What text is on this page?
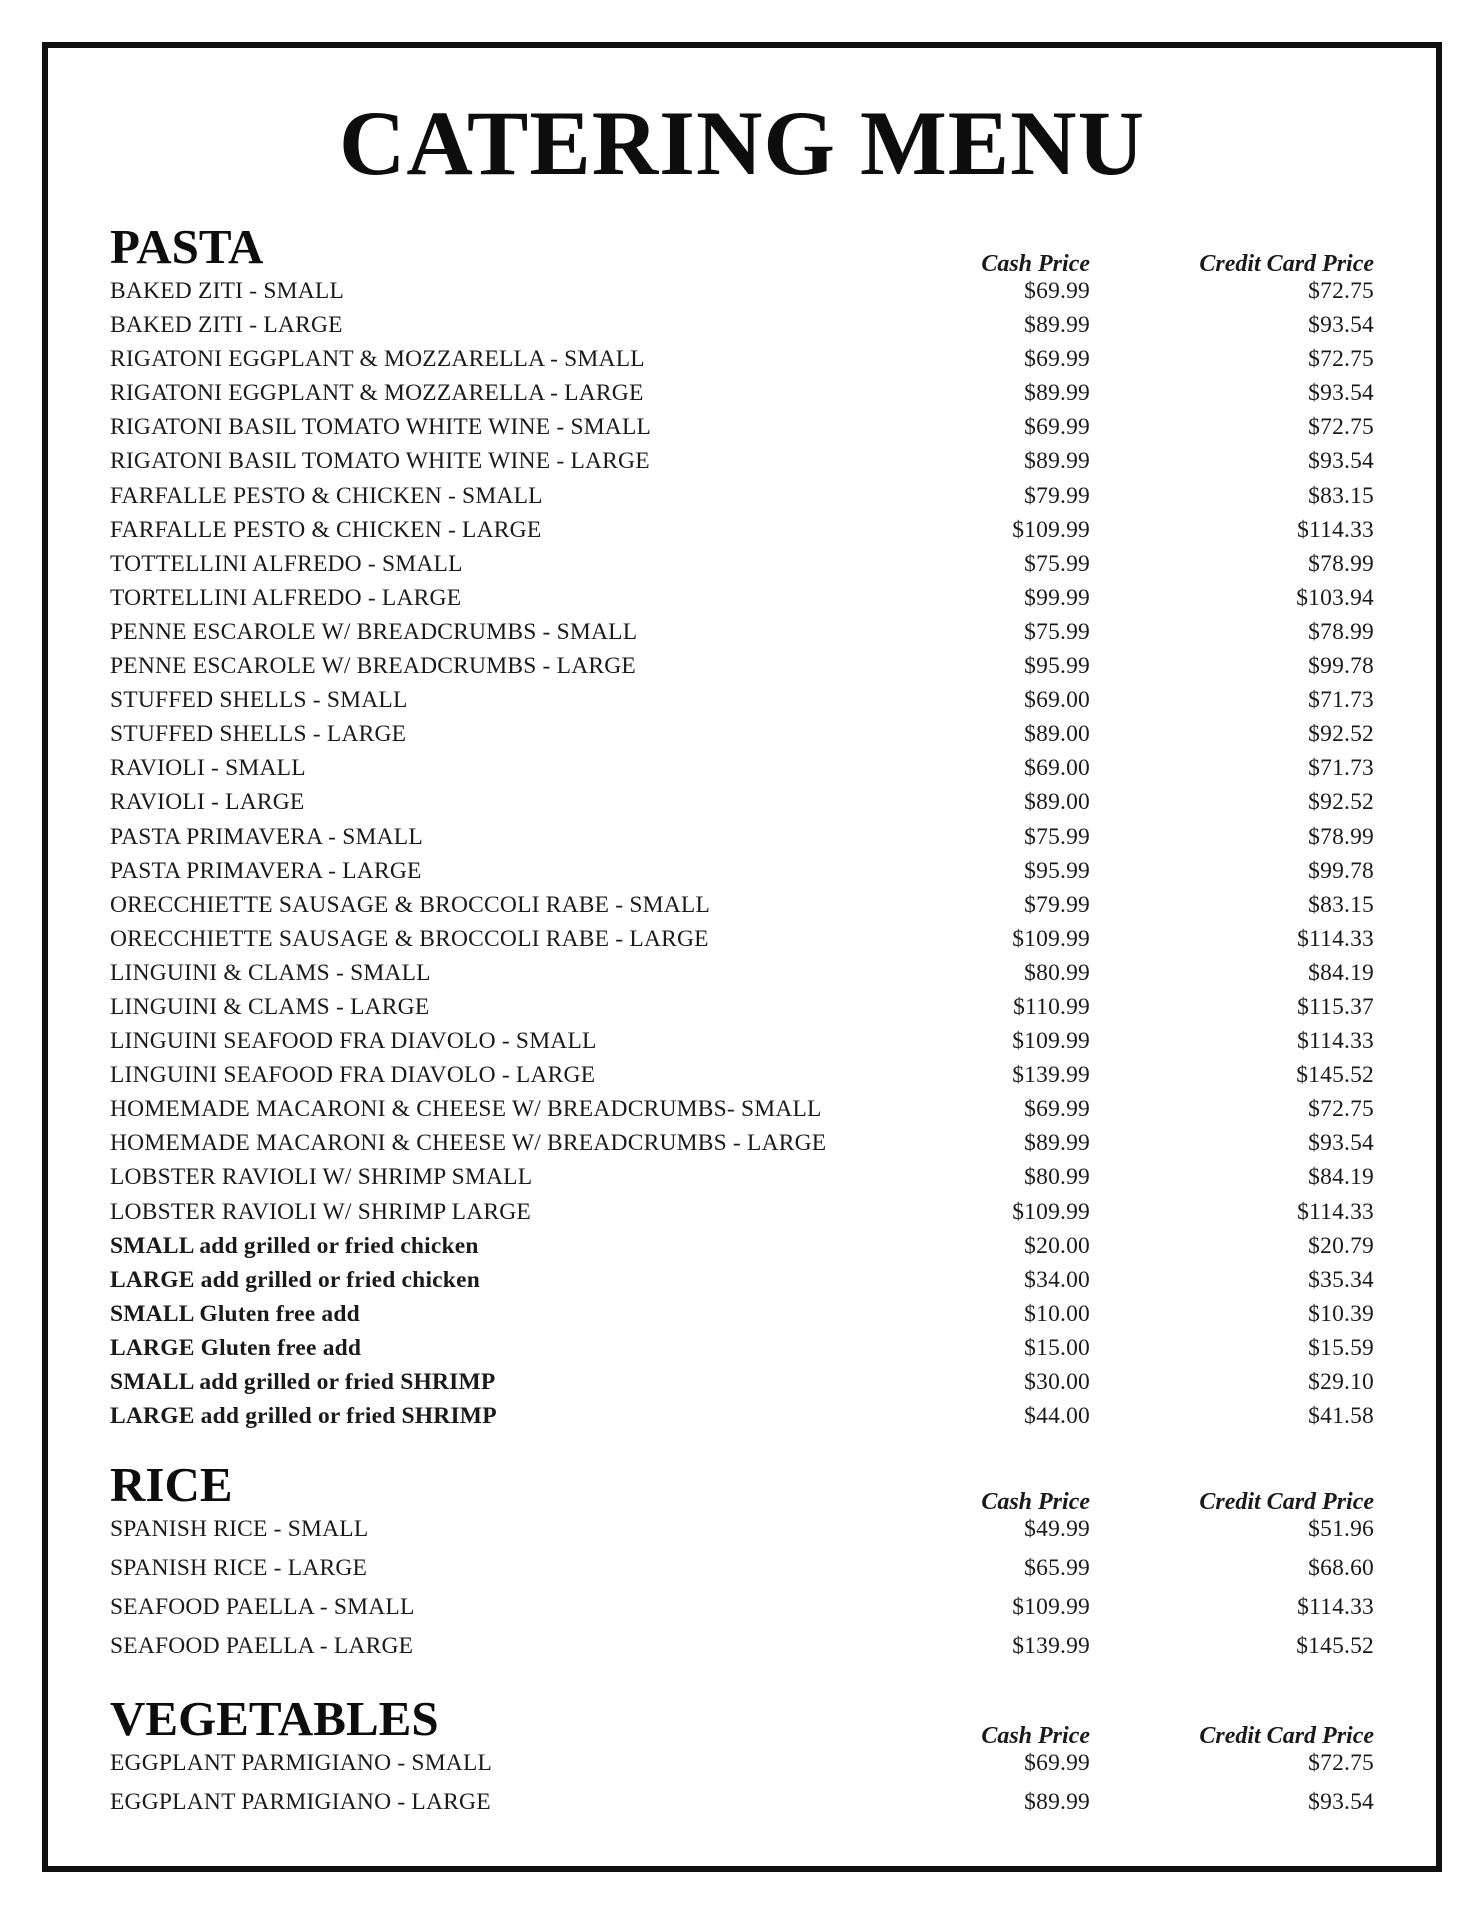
CATERING MENU
PASTA	Cash Price	Credit Card Price
BAKED ZITI - SMALL	$69.99	$72.75
BAKED ZITI - LARGE	$89.99	$93.54
RIGATONI EGGPLANT & MOZZARELLA - SMALL	$69.99	$72.75
RIGATONI EGGPLANT & MOZZARELLA - LARGE	$89.99	$93.54
RIGATONI BASIL TOMATO WHITE WINE - SMALL	$69.99	$72.75
RIGATONI BASIL TOMATO WHITE WINE - LARGE	$89.99	$93.54
FARFALLE PESTO & CHICKEN - SMALL	$79.99	$83.15
FARFALLE PESTO & CHICKEN - LARGE	$109.99	$114.33
TOTTELLINI ALFREDO - SMALL	$75.99	$78.99
TORTELLINI ALFREDO - LARGE	$99.99	$103.94
PENNE ESCAROLE W/ BREADCRUMBS - SMALL	$75.99	$78.99
PENNE ESCAROLE W/ BREADCRUMBS - LARGE	$95.99	$99.78
STUFFED SHELLS - SMALL	$69.00	$71.73
STUFFED SHELLS - LARGE	$89.00	$92.52
RAVIOLI - SMALL	$69.00	$71.73
RAVIOLI - LARGE	$89.00	$92.52
PASTA PRIMAVERA - SMALL	$75.99	$78.99
PASTA PRIMAVERA - LARGE	$95.99	$99.78
ORECCHIETTE SAUSAGE & BROCCOLI RABE - SMALL	$79.99	$83.15
ORECCHIETTE SAUSAGE & BROCCOLI RABE - LARGE	$109.99	$114.33
LINGUINI & CLAMS - SMALL	$80.99	$84.19
LINGUINI & CLAMS - LARGE	$110.99	$115.37
LINGUINI SEAFOOD FRA DIAVOLO - SMALL	$109.99	$114.33
LINGUINI SEAFOOD FRA DIAVOLO - LARGE	$139.99	$145.52
HOMEMADE MACARONI & CHEESE W/ BREADCRUMBS- SMALL	$69.99	$72.75
HOMEMADE MACARONI & CHEESE W/ BREADCRUMBS - LARGE	$89.99	$93.54
LOBSTER RAVIOLI W/ SHRIMP SMALL	$80.99	$84.19
LOBSTER RAVIOLI W/ SHRIMP LARGE	$109.99	$114.33
SMALL add grilled or fried chicken	$20.00	$20.79
LARGE add grilled or fried chicken	$34.00	$35.34
SMALL Gluten free add	$10.00	$10.39
LARGE Gluten free add	$15.00	$15.59
SMALL add grilled or fried SHRIMP	$30.00	$29.10
LARGE add grilled or fried SHRIMP	$44.00	$41.58
RICE	Cash Price	Credit Card Price
SPANISH RICE - SMALL	$49.99	$51.96
SPANISH RICE - LARGE	$65.99	$68.60
SEAFOOD PAELLA - SMALL	$109.99	$114.33
SEAFOOD PAELLA - LARGE	$139.99	$145.52
VEGETABLES	Cash Price	Credit Card Price
EGGPLANT PARMIGIANO - SMALL	$69.99	$72.75
EGGPLANT PARMIGIANO - LARGE	$89.99	$93.54
